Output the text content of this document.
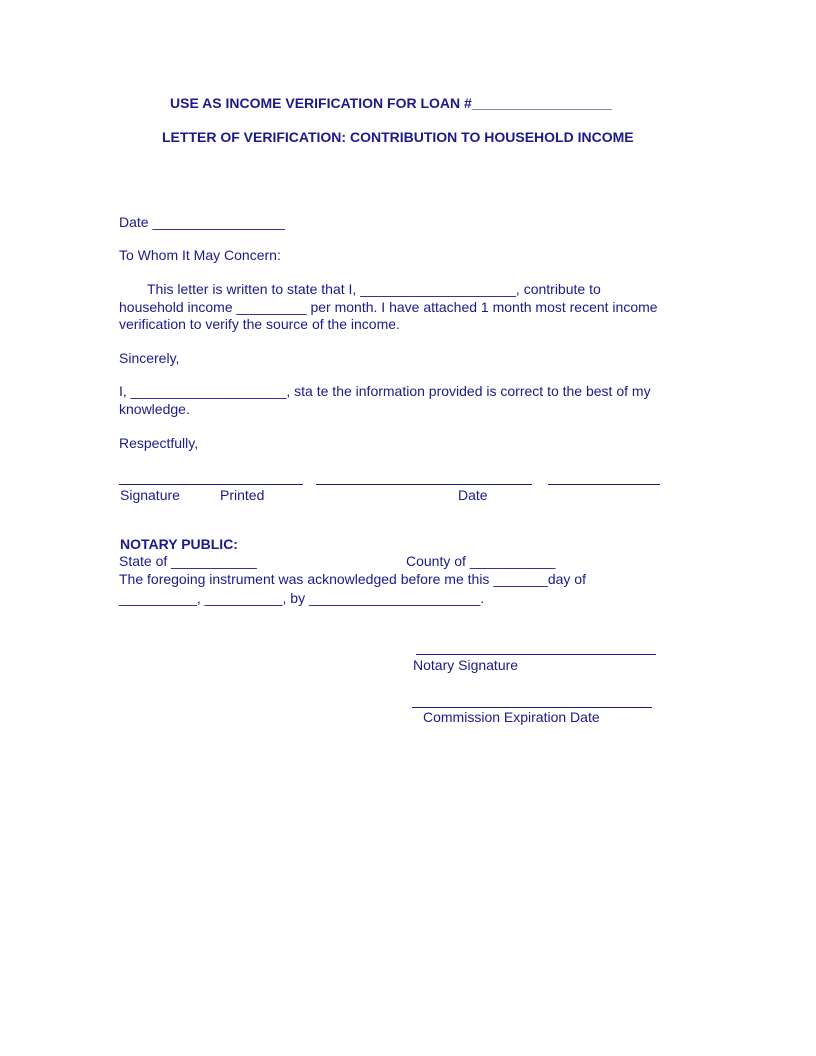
USE AS INCOME VERIFICATION FOR LOAN #__________________
LETTER OF VERIFICATION: CONTRIBUTION TO HOUSEHOLD INCOME
Date _________________
To Whom It May Concern:
This letter is written to state that I, ____________________, contribute to
household income _________ per month. I have attached 1 month most recent income
verification to verify the source of the income.
Sincerely,
I, ____________________, sta te the information provided is correct to the best of my
knowledge.
Respectfully,
Signature	Printed	Date
NOTARY PUBLIC:
State of ___________	County of ___________
The foregoing instrument was acknowledged before me this _______day of
__________, __________, by ______________________.
Notary Signature
Commission Expiration Date
